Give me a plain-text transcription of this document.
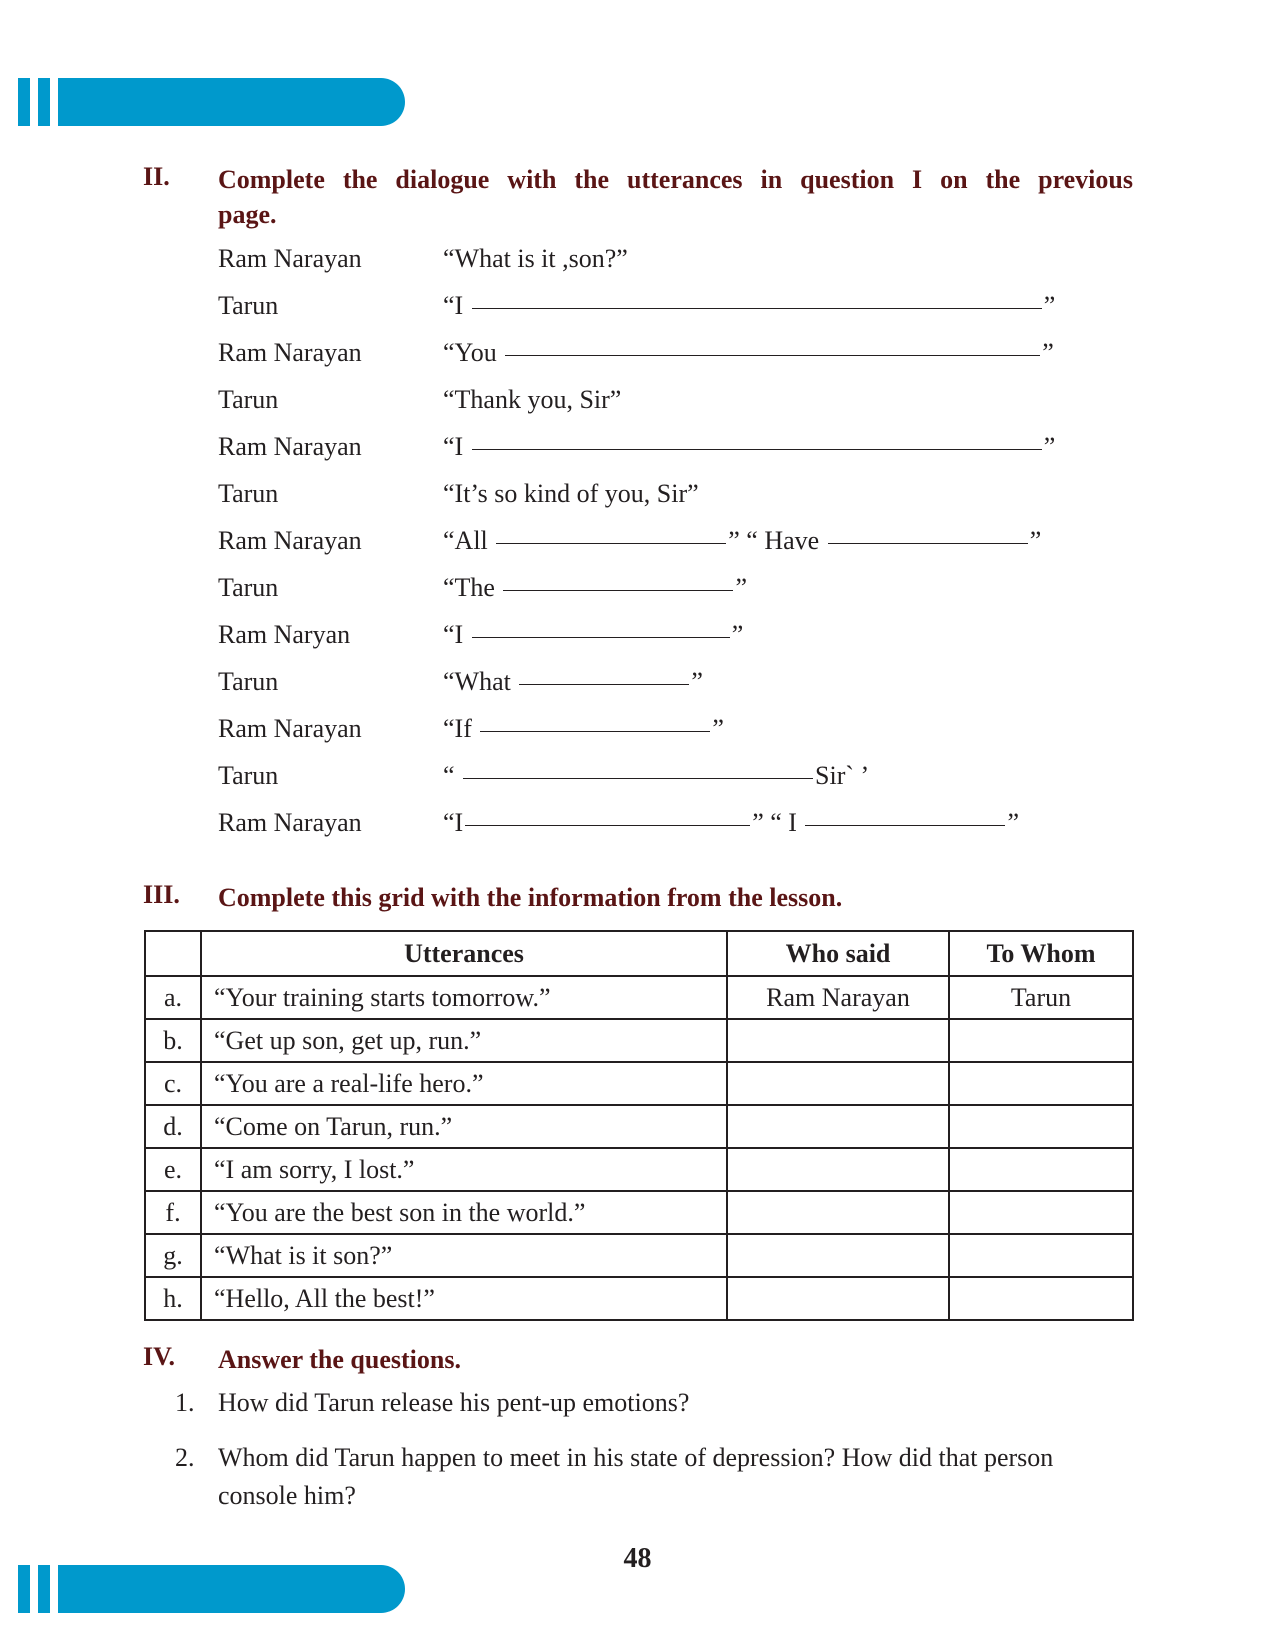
II.	Complete the dialogue with the utterances in question I on the previous
page.
Ram Narayan	“What is it ,son?”
Tarun	“I	”
Ram Narayan	“You	”
Tarun	“Thank you, Sir”
Ram Narayan	“I	”
Tarun	“It’s so kind of you, Sir”
Ram Narayan	“All	” “ Have	”
Tarun	“The	”
Ram Naryan	“I	”
Tarun	“What	”
Ram Narayan	“If	”
Tarun	“	Sir` ’
Ram Narayan	“I	” “ I	”
III.	Complete this grid with the information from the lesson.
	Utterances	Who said	To Whom
a.	“Your training starts tomorrow.”	Ram Narayan	Tarun
b.	“Get up son, get up, run.”		
c.	“You are a real-life hero.”		
d.	“Come on Tarun, run.”		
e.	“I am sorry, I lost.”		
f.	“You are the best son in the world.”		
g.	“What is it son?”		
h.	“Hello, All the best!”		
IV.	Answer the questions.
1. How did Tarun release his pent-up emotions?
2. Whom did Tarun happen to meet in his state of depression? How did that person console him?
48
